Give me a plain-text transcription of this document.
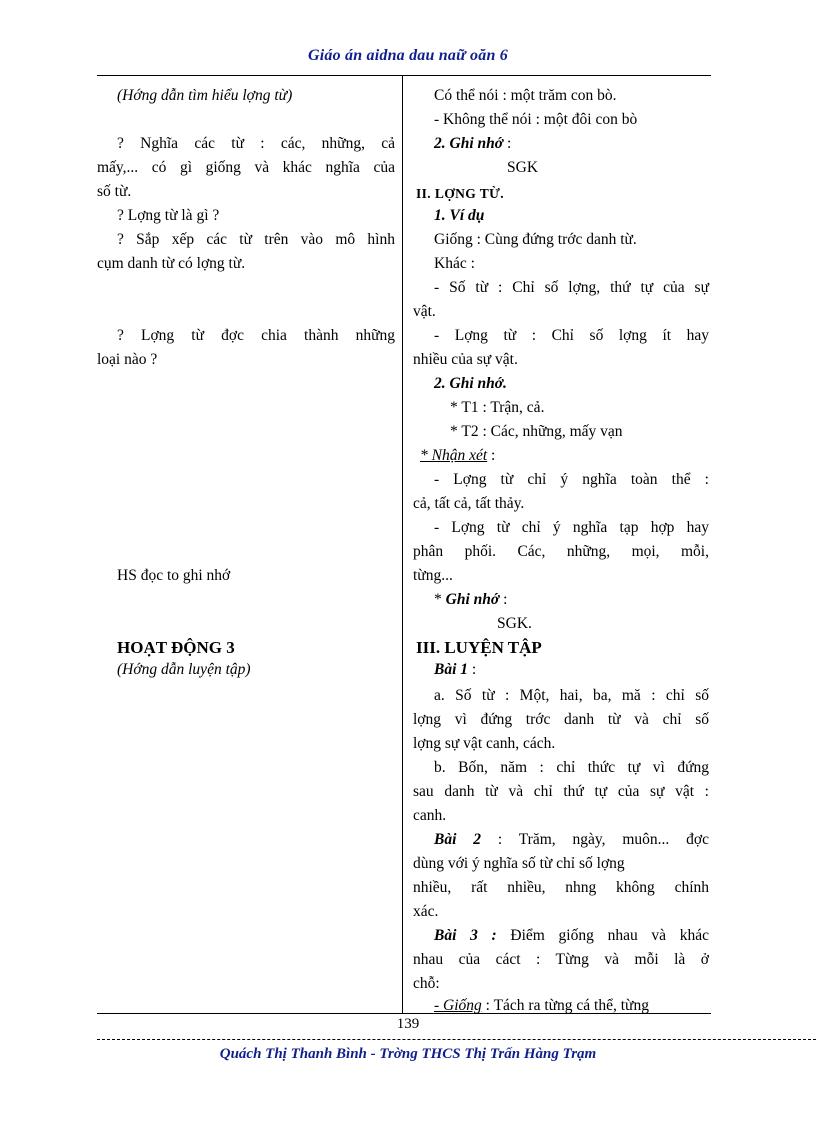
Giáo án aidna dau naữ oăn 6
(Hớng dẫn tìm hiểu lợng từ)
? Nghĩa các từ : các, những, cả
mấy,... có gì giống và khác nghĩa của
số từ.
? Lợng từ là gì ?
? Sắp xếp các từ trên vào mô hình
cụm danh từ có lợng từ.
? Lợng từ đợc chia thành những
loại nào ?
HS đọc to ghi nhớ
HOẠT ĐỘNG 3
(Hớng dẫn luyện tập)
Có thể nói : một trăm con bò.
- Không thể nói : một đôi con bò
2. Ghi nhớ :
SGK
II. LỢNG TỪ.
1. Ví dụ
Giống : Cùng đứng trớc danh từ.
Khác :
- Số từ : Chỉ số lợng, thứ tự của sự
vật.
- Lợng từ : Chỉ số lợng ít hay
nhiều của sự vật.
2. Ghi nhớ.
* T1 : Trận, cả.
* T2 : Các, những, mấy vạn
* Nhận xét :
- Lợng từ chỉ ý nghĩa toàn thể :
cả, tất cả, tất thảy.
- Lợng từ chỉ ý nghĩa tạp hợp hay
phân phối. Các, những, mọi, mỗi,
từng...
* Ghi nhớ :
SGK.
III. LUYỆN TẬP
Bài 1 :
a. Số từ : Một, hai, ba, mă : chỉ số
lợng vì đứng trớc danh từ và chỉ số
lợng sự vật canh, cách.
b. Bốn, năm : chỉ thức tự vì đứng
sau danh từ và chỉ thứ tự của sự vật :
canh.
Bài 2 : Trăm, ngày, muôn... đợc
dùng với ý nghĩa số từ chỉ số lợng
nhiều, rất nhiều, nhng không chính
xác.
Bài 3 : Điểm giống nhau và khác
nhau của cáct : Từng và mỗi là ở
chỗ:
- Giống : Tách ra từng cá thể, từng
139
Quách Thị Thanh Bình - Trờng THCS Thị Trấn Hàng Trạm
